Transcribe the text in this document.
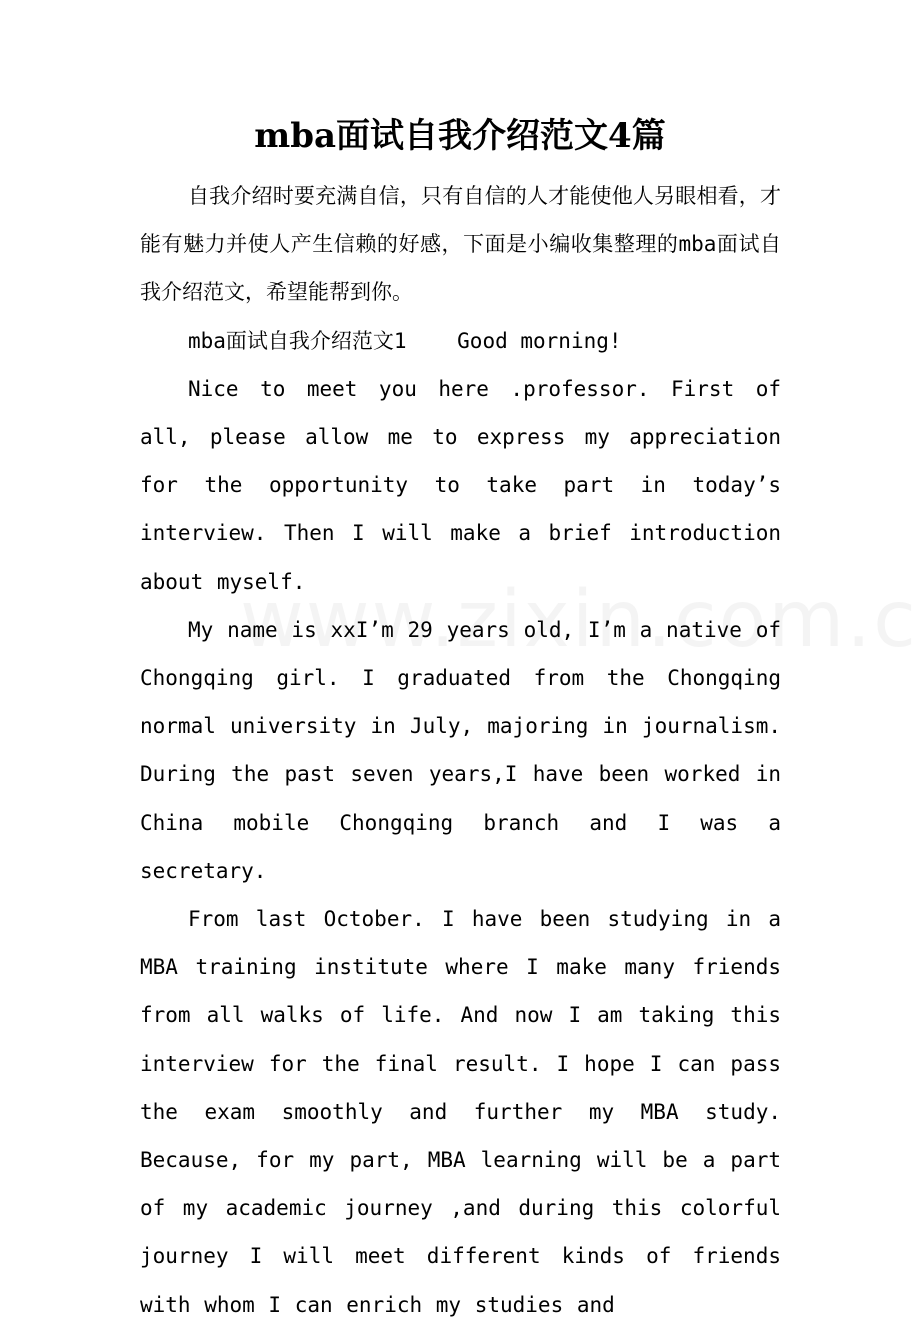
mba面试自我介绍范文4篇

自我介绍时要充满自信，只有自信的人才能使他人另眼相看，才能有魅力并使人产生信赖的好感，下面是小编收集整理的mba面试自我介绍范文，希望能帮到你。

mba面试自我介绍范文1 Good morning!

Nice to meet you here .professor. First of all, please allow me to express my appreciation for the opportunity to take part in today’s interview. Then I will make a brief introduction about myself.

My name is xxI’m 29 years old, I’m a native of Chongqing girl. I graduated from the Chongqing normal university in July, majoring in journalism. During the past seven years,I have been worked in China mobile Chongqing branch and I was a secretary.

From last October. I have been studying in a MBA training institute where I make many friends from all walks of life. And now I am taking this interview for the final result. I hope I can pass the exam smoothly and further my MBA study. Because, for my part, MBA learning will be a part of my academic journey ,and during this colorful journey I will meet different kinds of friends with whom I can enrich my studies and
